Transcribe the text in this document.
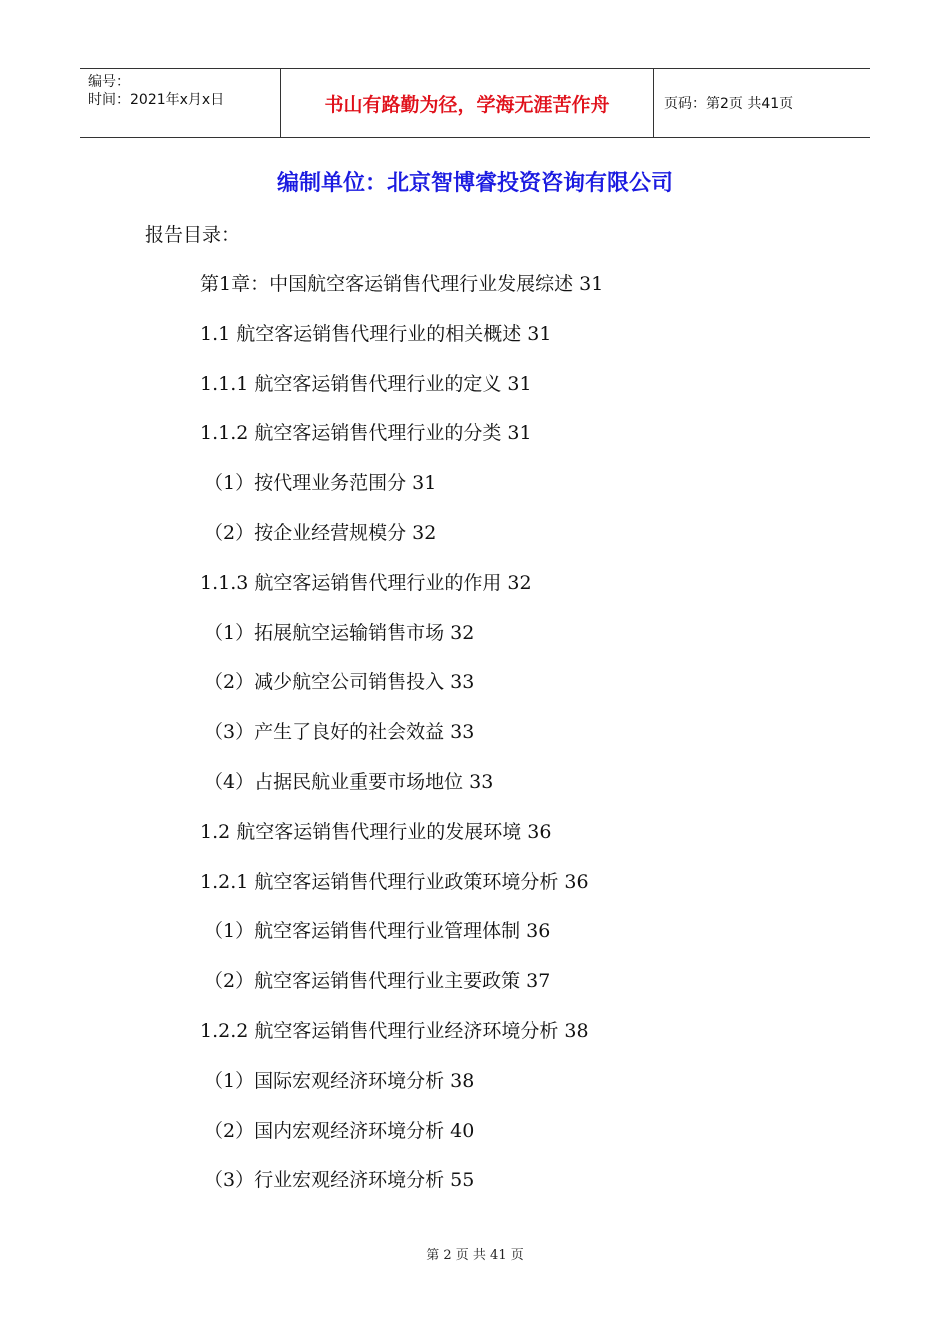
编号：
时间：2021年x月x日	书山有路勤为径，学海无涯苦作舟	页码：第2页 共41页
编制单位：北京智博睿投资咨询有限公司
报告目录：
第1章：中国航空客运销售代理行业发展综述 31
1.1 航空客运销售代理行业的相关概述 31
1.1.1 航空客运销售代理行业的定义 31
1.1.2 航空客运销售代理行业的分类 31
（1）按代理业务范围分 31
（2）按企业经营规模分 32
1.1.3 航空客运销售代理行业的作用 32
（1）拓展航空运输销售市场 32
（2）减少航空公司销售投入 33
（3）产生了良好的社会效益 33
（4）占据民航业重要市场地位 33
1.2 航空客运销售代理行业的发展环境 36
1.2.1 航空客运销售代理行业政策环境分析 36
（1）航空客运销售代理行业管理体制 36
（2）航空客运销售代理行业主要政策 37
1.2.2 航空客运销售代理行业经济环境分析 38
（1）国际宏观经济环境分析 38
（2）国内宏观经济环境分析 40
（3）行业宏观经济环境分析 55
第 2 页 共 41 页
